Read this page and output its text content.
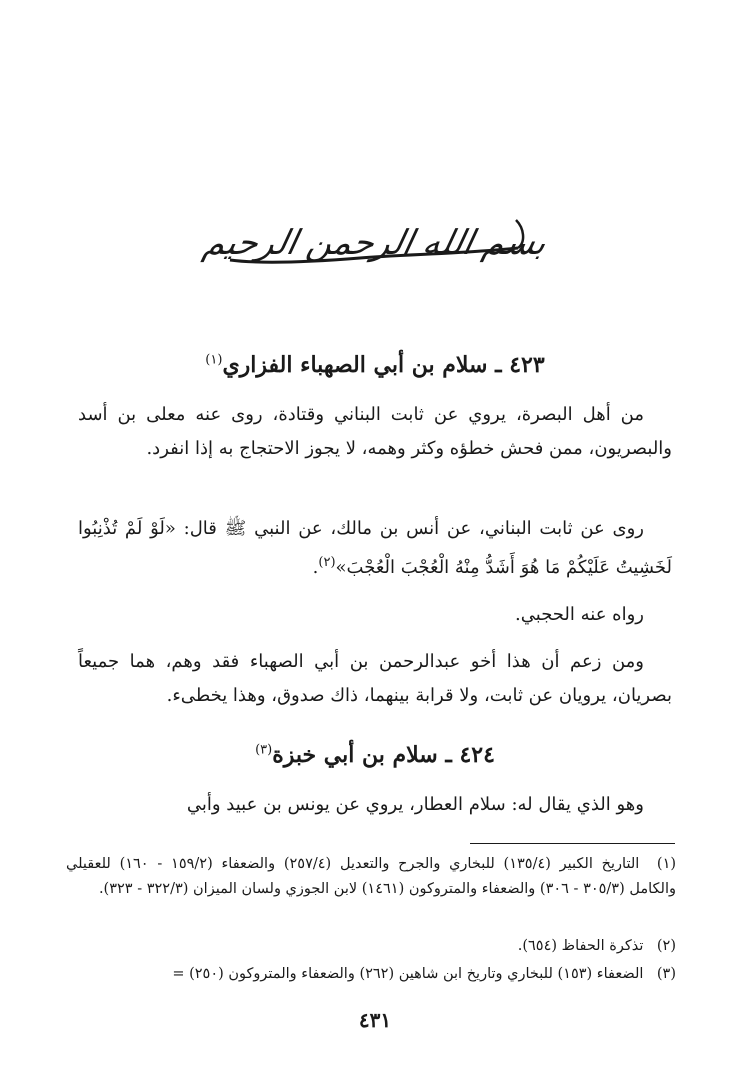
بسم الله الرحمن الرحيم
٤٢٣ ـ سلام بن أبي الصهباء الفزاري$^{(١)}$
من أهل البصرة، يروي عن ثابت البناني وقتادة، روى عنه معلى بن أسد والبصريون، ممن فحش خطؤه وكثر وهمه، لا يجوز الاحتجاج به إذا انفرد.
روى عن ثابت البناني، عن أنس بن مالك، عن النبي ﷺ قال: «لَوْ لَمْ تُذْنِبُوا لَخَشِيتُ عَلَيْكُمْ مَا هُوَ أَشَدُّ مِنْهُ الْعُجْبَ الْعُجْبَ»$^{(٢)}$.
رواه عنه الحجبي.
ومن زعم أن هذا أخو عبدالرحمن بن أبي الصهباء فقد وهم، هما جميعاً بصريان، يرويان عن ثابت، ولا قرابة بينهما، ذاك صدوق، وهذا يخطىء.
٤٢٤ ـ سلام بن أبي خبزة$^{(٣)}$
وهو الذي يقال له: سلام العطار، يروي عن يونس بن عبيد وأبي
(١) التاريخ الكبير (١٣٥/٤) للبخاري والجرح والتعديل (٢٥٧/٤) والضعفاء (١٥٩/٢ - ١٦٠) للعقيلي والكامل (٣٠٥/٣ - ٣٠٦) والضعفاء والمتروكون (١٤٦١) لابن الجوزي ولسان الميزان (٣٢٢/٣ - ٣٢٣).
(٢) تذكرة الحفاظ (٦٥٤).
(٣) الضعفاء (١٥٣) للبخاري وتاريخ ابن شاهين (٢٦٢) والضعفاء والمتروكون (٢٥٠) =
٤٣١
